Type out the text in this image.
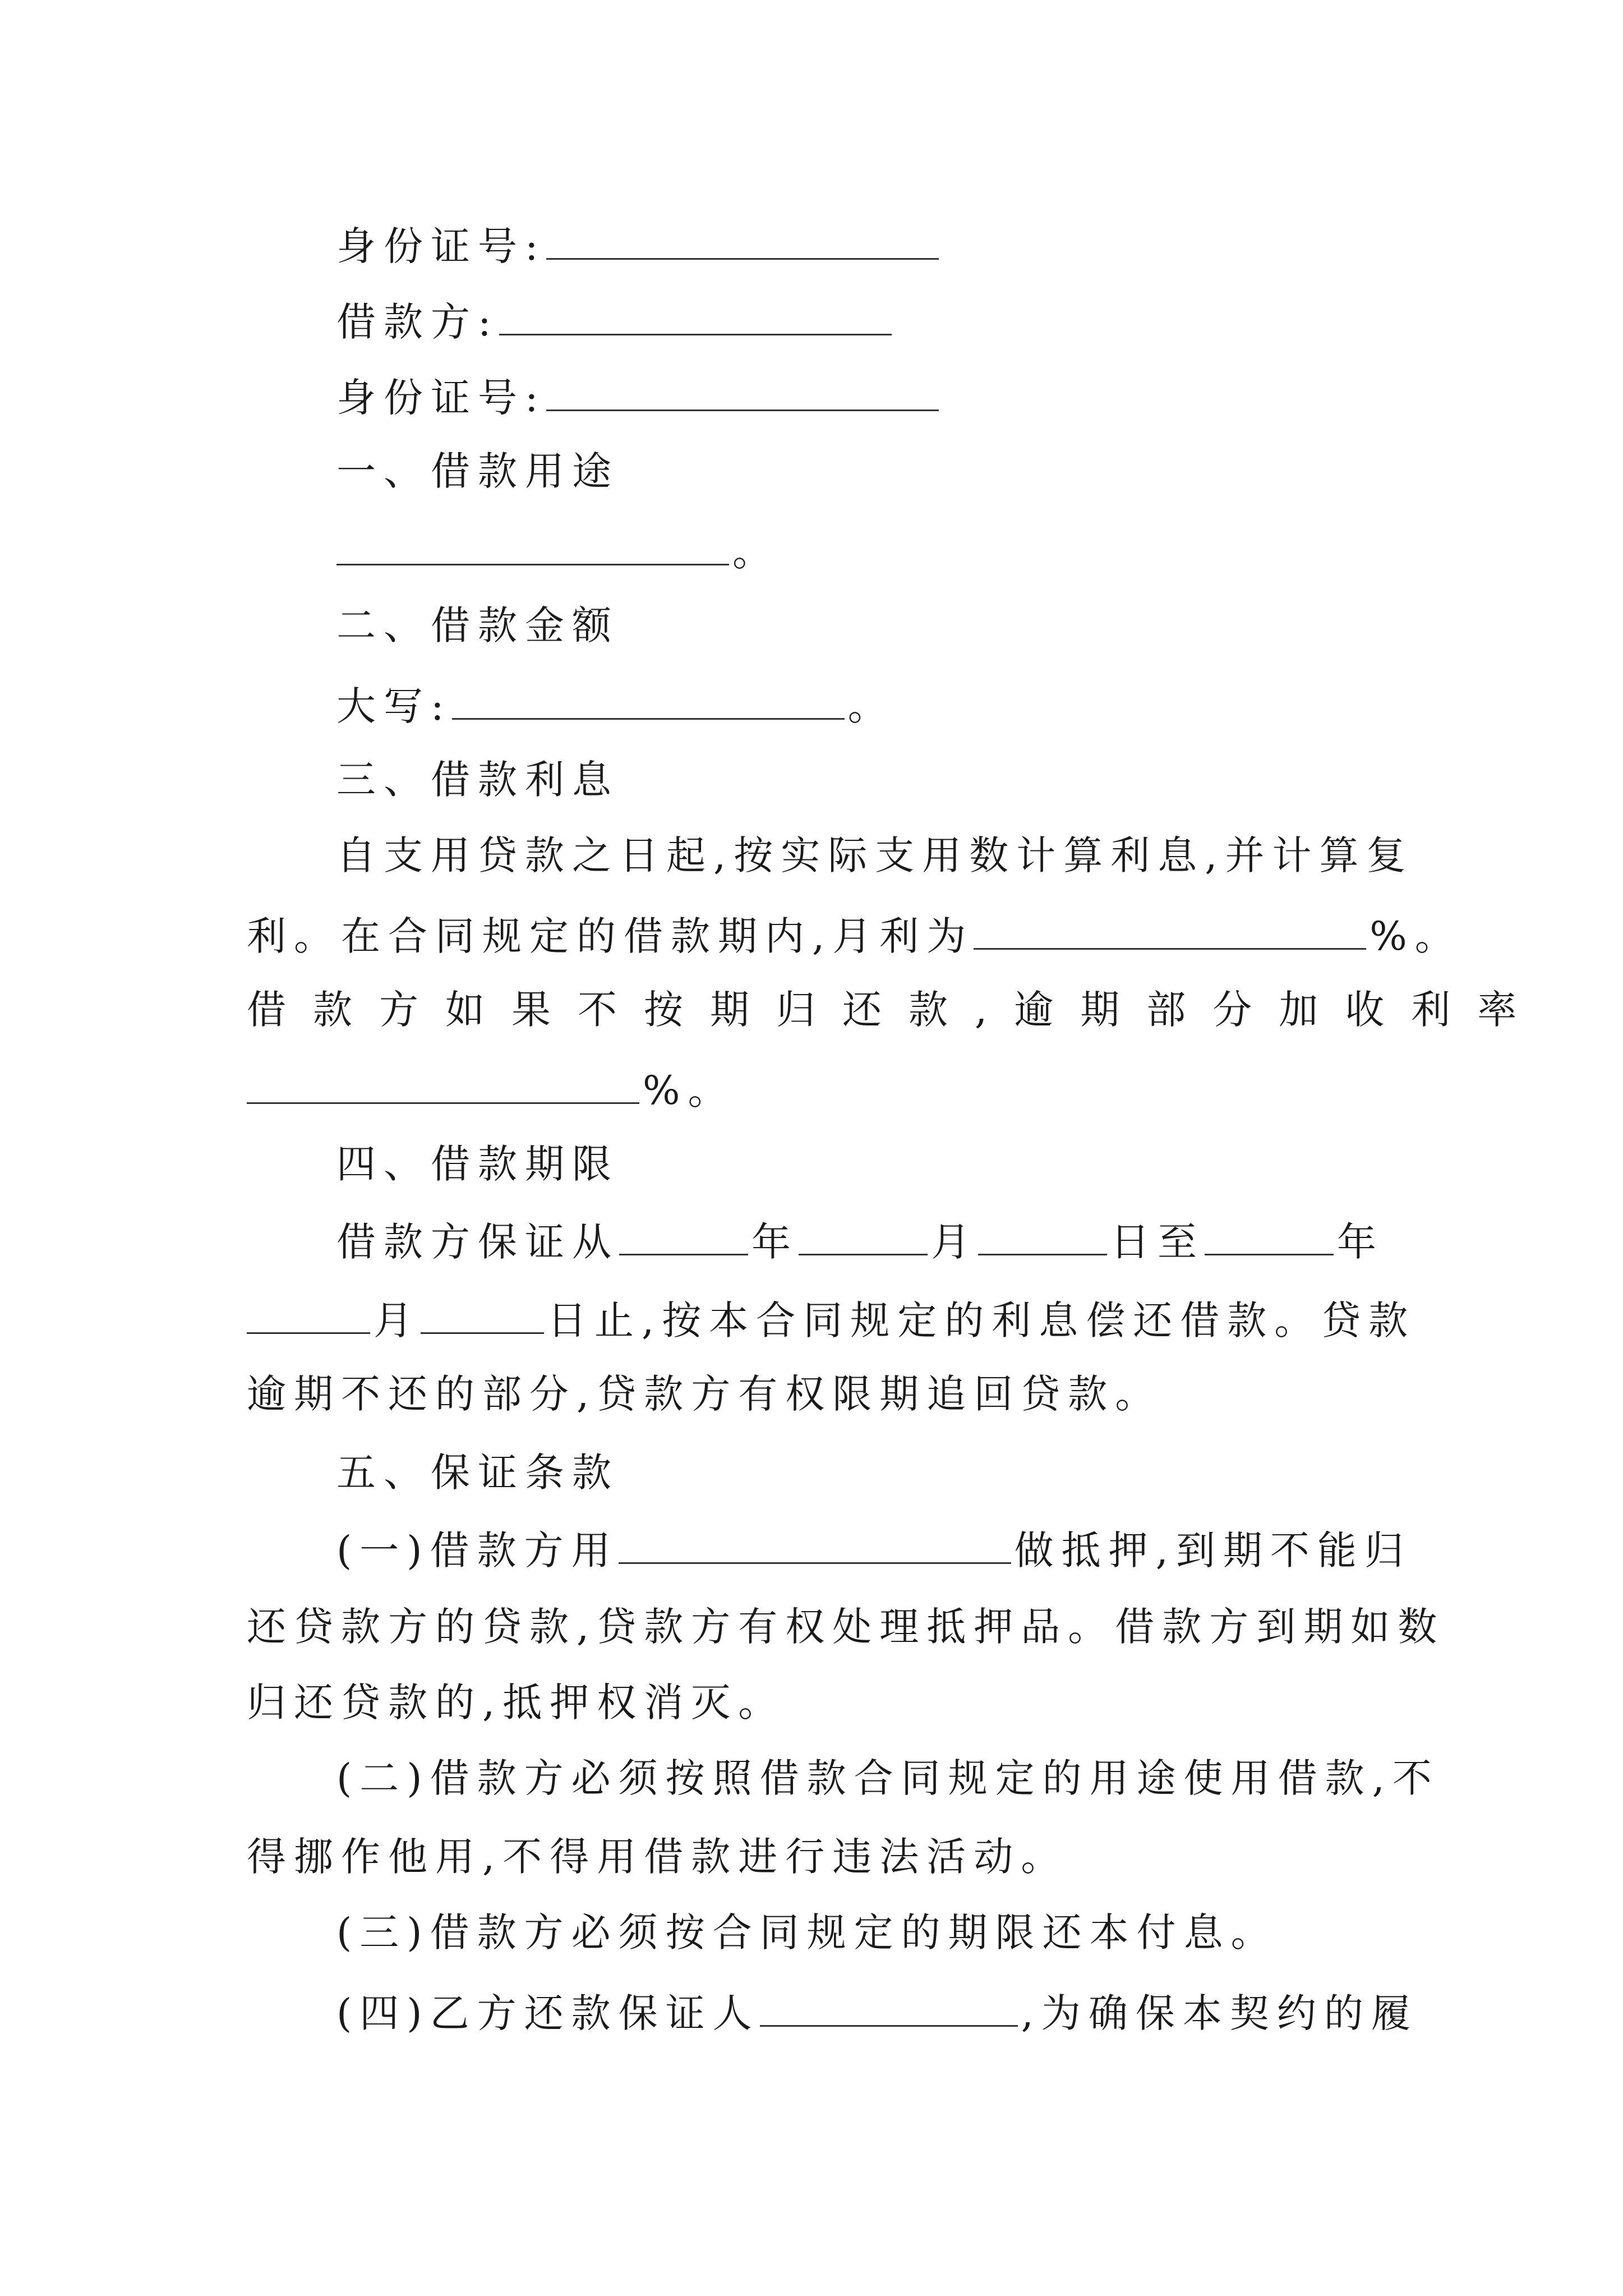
身份证号:
借款方:
身份证号:
一、借款用途
。
二、借款金额
大写:	。
三、借款利息
自支用贷款之日起,按实际支用数计算利息,并计算复
利。在合同规定的借款期内,月利为	%。
借款方如果不按期归还款,逾期部分加收利率
%。
四、借款期限
借款方保证从	年	月	日至	年
月	日止,按本合同规定的利息偿还借款。贷款
逾期不还的部分,贷款方有权限期追回贷款。
五、保证条款
(一)借款方用	做抵押,到期不能归
还贷款方的贷款,贷款方有权处理抵押品。借款方到期如数
归还贷款的,抵押权消灭。
(二)借款方必须按照借款合同规定的用途使用借款,不
得挪作他用,不得用借款进行违法活动。
(三)借款方必须按合同规定的期限还本付息。
(四)乙方还款保证人	,为确保本契约的履
